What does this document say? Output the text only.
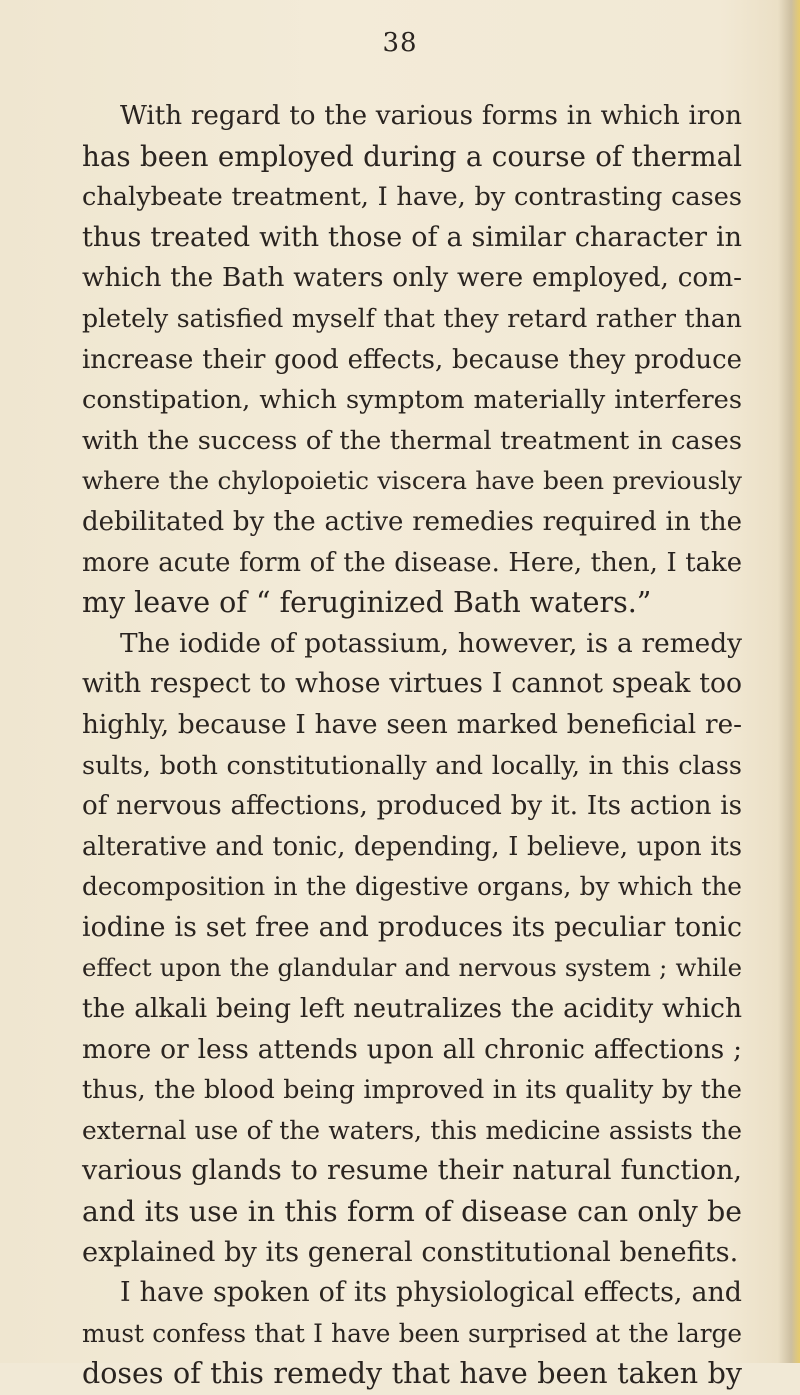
38
With regard to the various forms in which iron
has been employed during a course of thermal
chalybeate treatment, I have, by contrasting cases
thus treated with those of a similar character in
which the Bath waters only were employed, com-
pletely satisfied myself that they retard rather than
increase their good effects, because they produce
constipation, which symptom materially interferes
with the success of the thermal treatment in cases
where the chylopoietic viscera have been previously
debilitated by the active remedies required in the
more acute form of the disease. Here, then, I take
my leave of “ feruginized Bath waters.”
The iodide of potassium, however, is a remedy
with respect to whose virtues I cannot speak too
highly, because I have seen marked beneficial re-
sults, both constitutionally and locally, in this class
of nervous affections, produced by it. Its action is
alterative and tonic, depending, I believe, upon its
decomposition in the digestive organs, by which the
iodine is set free and produces its peculiar tonic
effect upon the glandular and nervous system ; while
the alkali being left neutralizes the acidity which
more or less attends upon all chronic affections ;
thus, the blood being improved in its quality by the
external use of the waters, this medicine assists the
various glands to resume their natural function,
and its use in this form of disease can only be
explained by its general constitutional benefits.
I have spoken of its physiological effects, and
must confess that I have been surprised at the large
doses of this remedy that have been taken by
